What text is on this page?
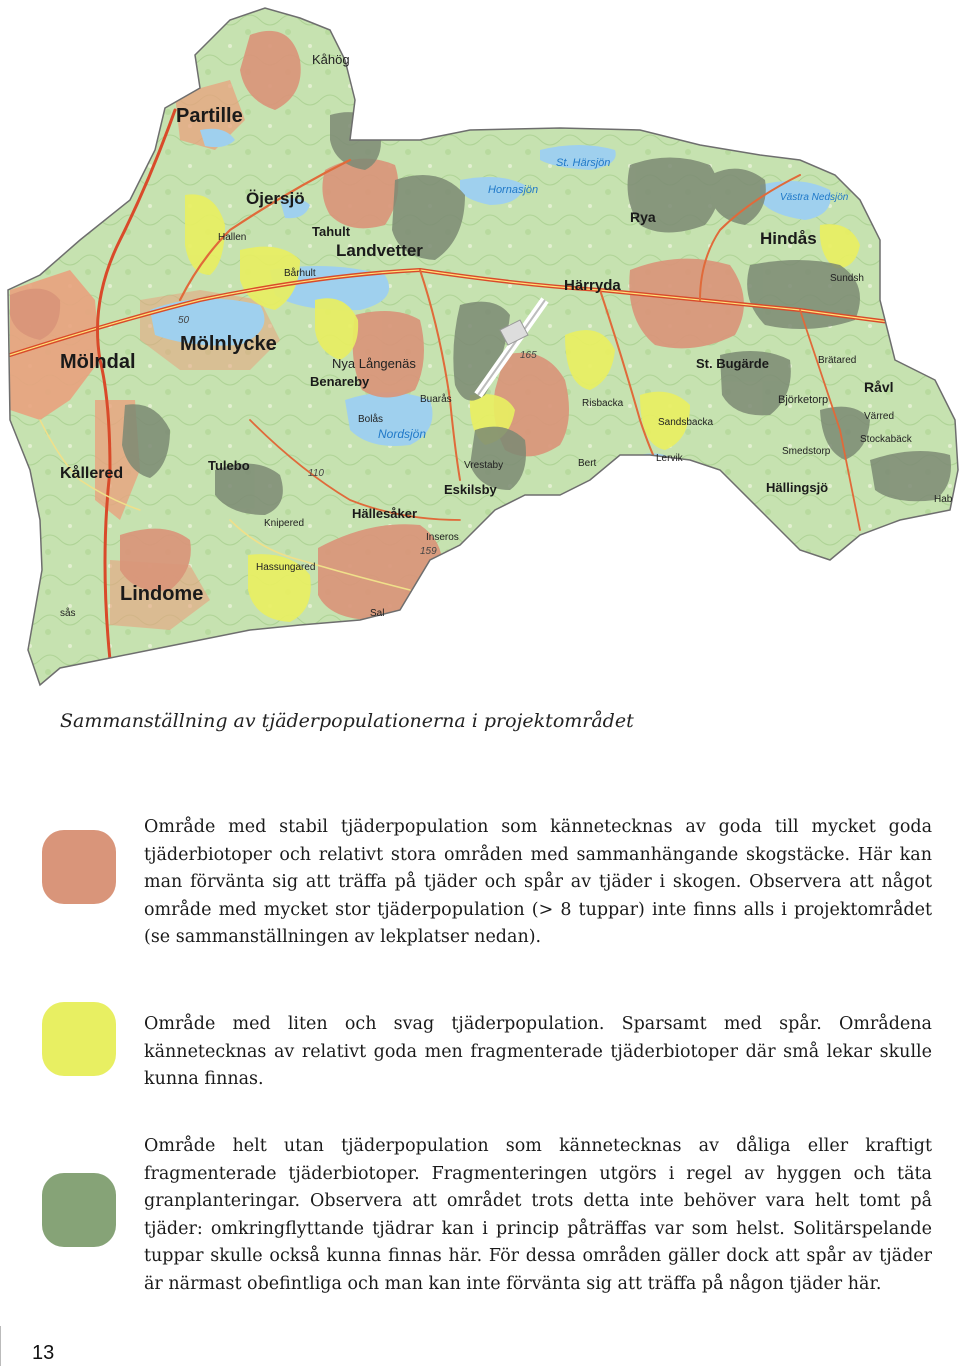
Kåhög
Partille
St. Härsjön
Hornasjön
Öjersjö
Hallen	Tahult
Landvetter
Rya
Västra Nedsjön
Hindås
Bårhult
Härryda	Sundsh
Mölnlycke
Mölndal	Nya Långenäs
Benareby
St. Bugärde	Brätared
Björketorp
Råvl
Buarås	Risbacka
Bolås
Nordsjön
Sandsbacka
Värred
Stockabäck
Smedstorp
Kållered	Tulebo	Vrestaby
Lervik
Bert
Eskilsby	Hällingsjö
Hab
Hällesåker
Knipered
Inseros
Hassungared
Lindome
sås	Sal
50
165
110
159
Sammanställning av tjäderpopulationerna i projektområdet

Område med stabil tjäderpopulation som kännetecknas av goda till mycket goda tjäderbiotoper och relativt stora områden med sammanhängande skogstäcke. Här kan man förvänta sig att träffa på tjäder och spår av tjäder i skogen. Observera att något område med mycket stor tjäderpopulation (> 8 tuppar) inte finns alls i projektområdet (se sammanställningen av lekplatser nedan).

Område med liten och svag tjäderpopulation. Sparsamt med spår. Områdena kännetecknas av relativt goda men fragmenterade tjäderbiotoper där små lekar skulle kunna finnas.

Område helt utan tjäderpopulation som kännetecknas av dåliga eller kraftigt fragmenterade tjäderbiotoper. Fragmenteringen utgörs i regel av hyggen och täta granplanteringar. Observera att området trots detta inte behöver vara helt tomt på tjäder: omkringflyttande tjädrar kan i princip påträffas var som helst. Solitärspelande tuppar skulle också kunna finnas här. För dessa områden gäller dock att spår av tjäder är närmast obefintliga och man kan inte förvänta sig att träffa på någon tjäder här.

13
